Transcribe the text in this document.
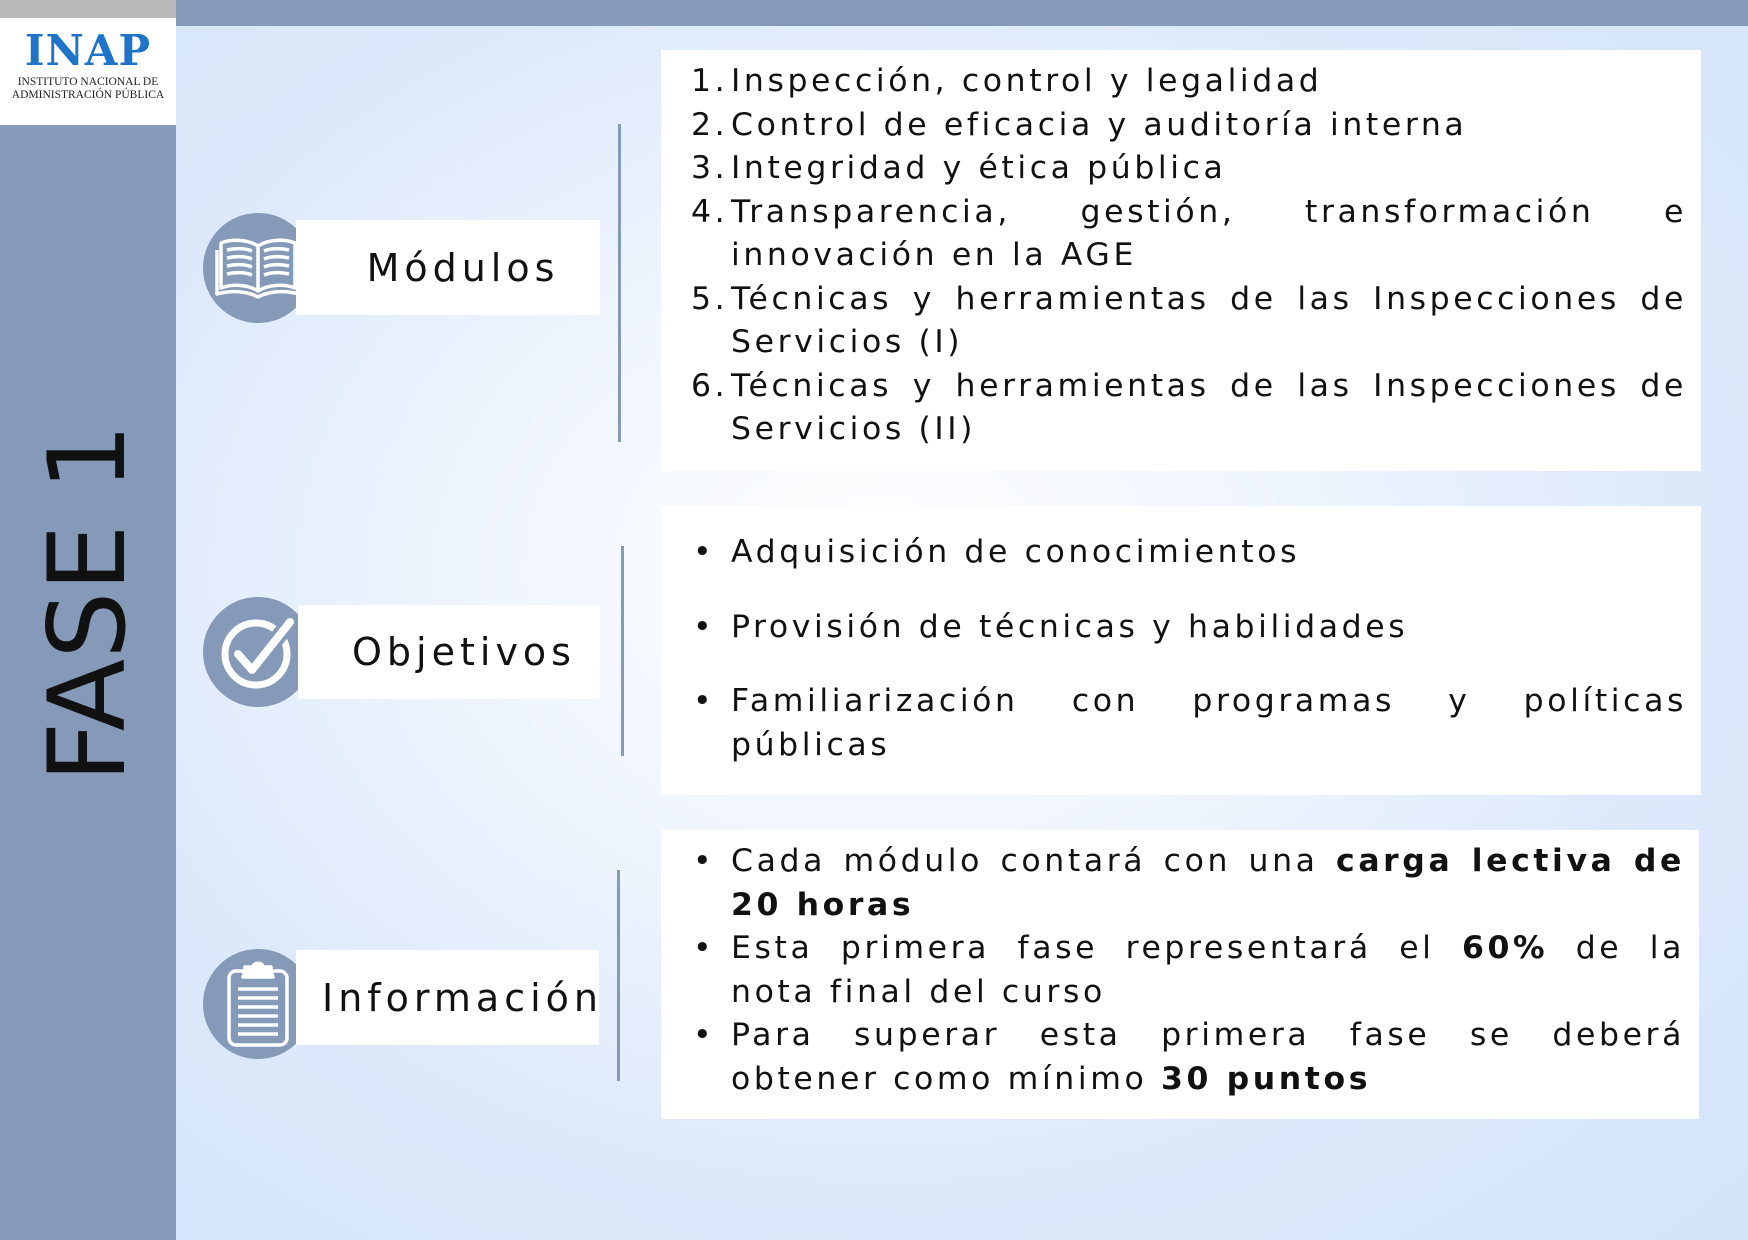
INAP
INSTITUTO NACIONAL DE
ADMINISTRACIÓN PÚBLICA
FASE 1
Módulos
1. Inspección, control y legalidad
2. Control de eficacia y auditoría interna
3. Integridad y ética pública
4. Transparencia, gestión, transformación e innovación en la AGE
5. Técnicas y herramientas de las Inspecciones de Servicios (I)
6. Técnicas y herramientas de las Inspecciones de Servicios (II)
Objetivos
• Adquisición de conocimientos
• Provisión de técnicas y habilidades
• Familiarización con programas y políticas públicas
Información
• Cada módulo contará con una carga lectiva de 20 horas
• Esta primera fase representará el 60% de la nota final del curso
• Para superar esta primera fase se deberá obtener como mínimo 30 puntos
